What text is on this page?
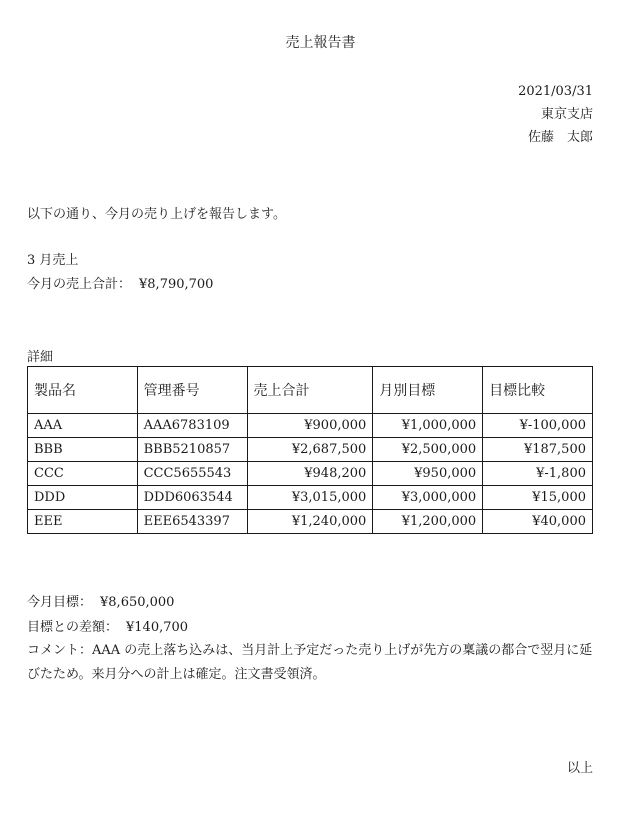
売上報告書
2021/03/31
東京支店
佐藤　太郎
以下の通り、今月の売り上げを報告します。
3 月売上
今月の売上合計： ¥8,790,700
詳細
製品名	管理番号	売上合計	月別目標	目標比較
AAA	AAA6783109	¥900,000	¥1,000,000	¥-100,000
BBB	BBB5210857	¥2,687,500	¥2,500,000	¥187,500
CCC	CCC5655543	¥948,200	¥950,000	¥-1,800
DDD	DDD6063544	¥3,015,000	¥3,000,000	¥15,000
EEE	EEE6543397	¥1,240,000	¥1,200,000	¥40,000
今月目標： ¥8,650,000
目標との差額： ¥140,700
コメント：AAA の売上落ち込みは、当月計上予定だった売り上げが先方の稟議の都合で翌月に延びたため。来月分への計上は確定。注文書受領済。
以上
